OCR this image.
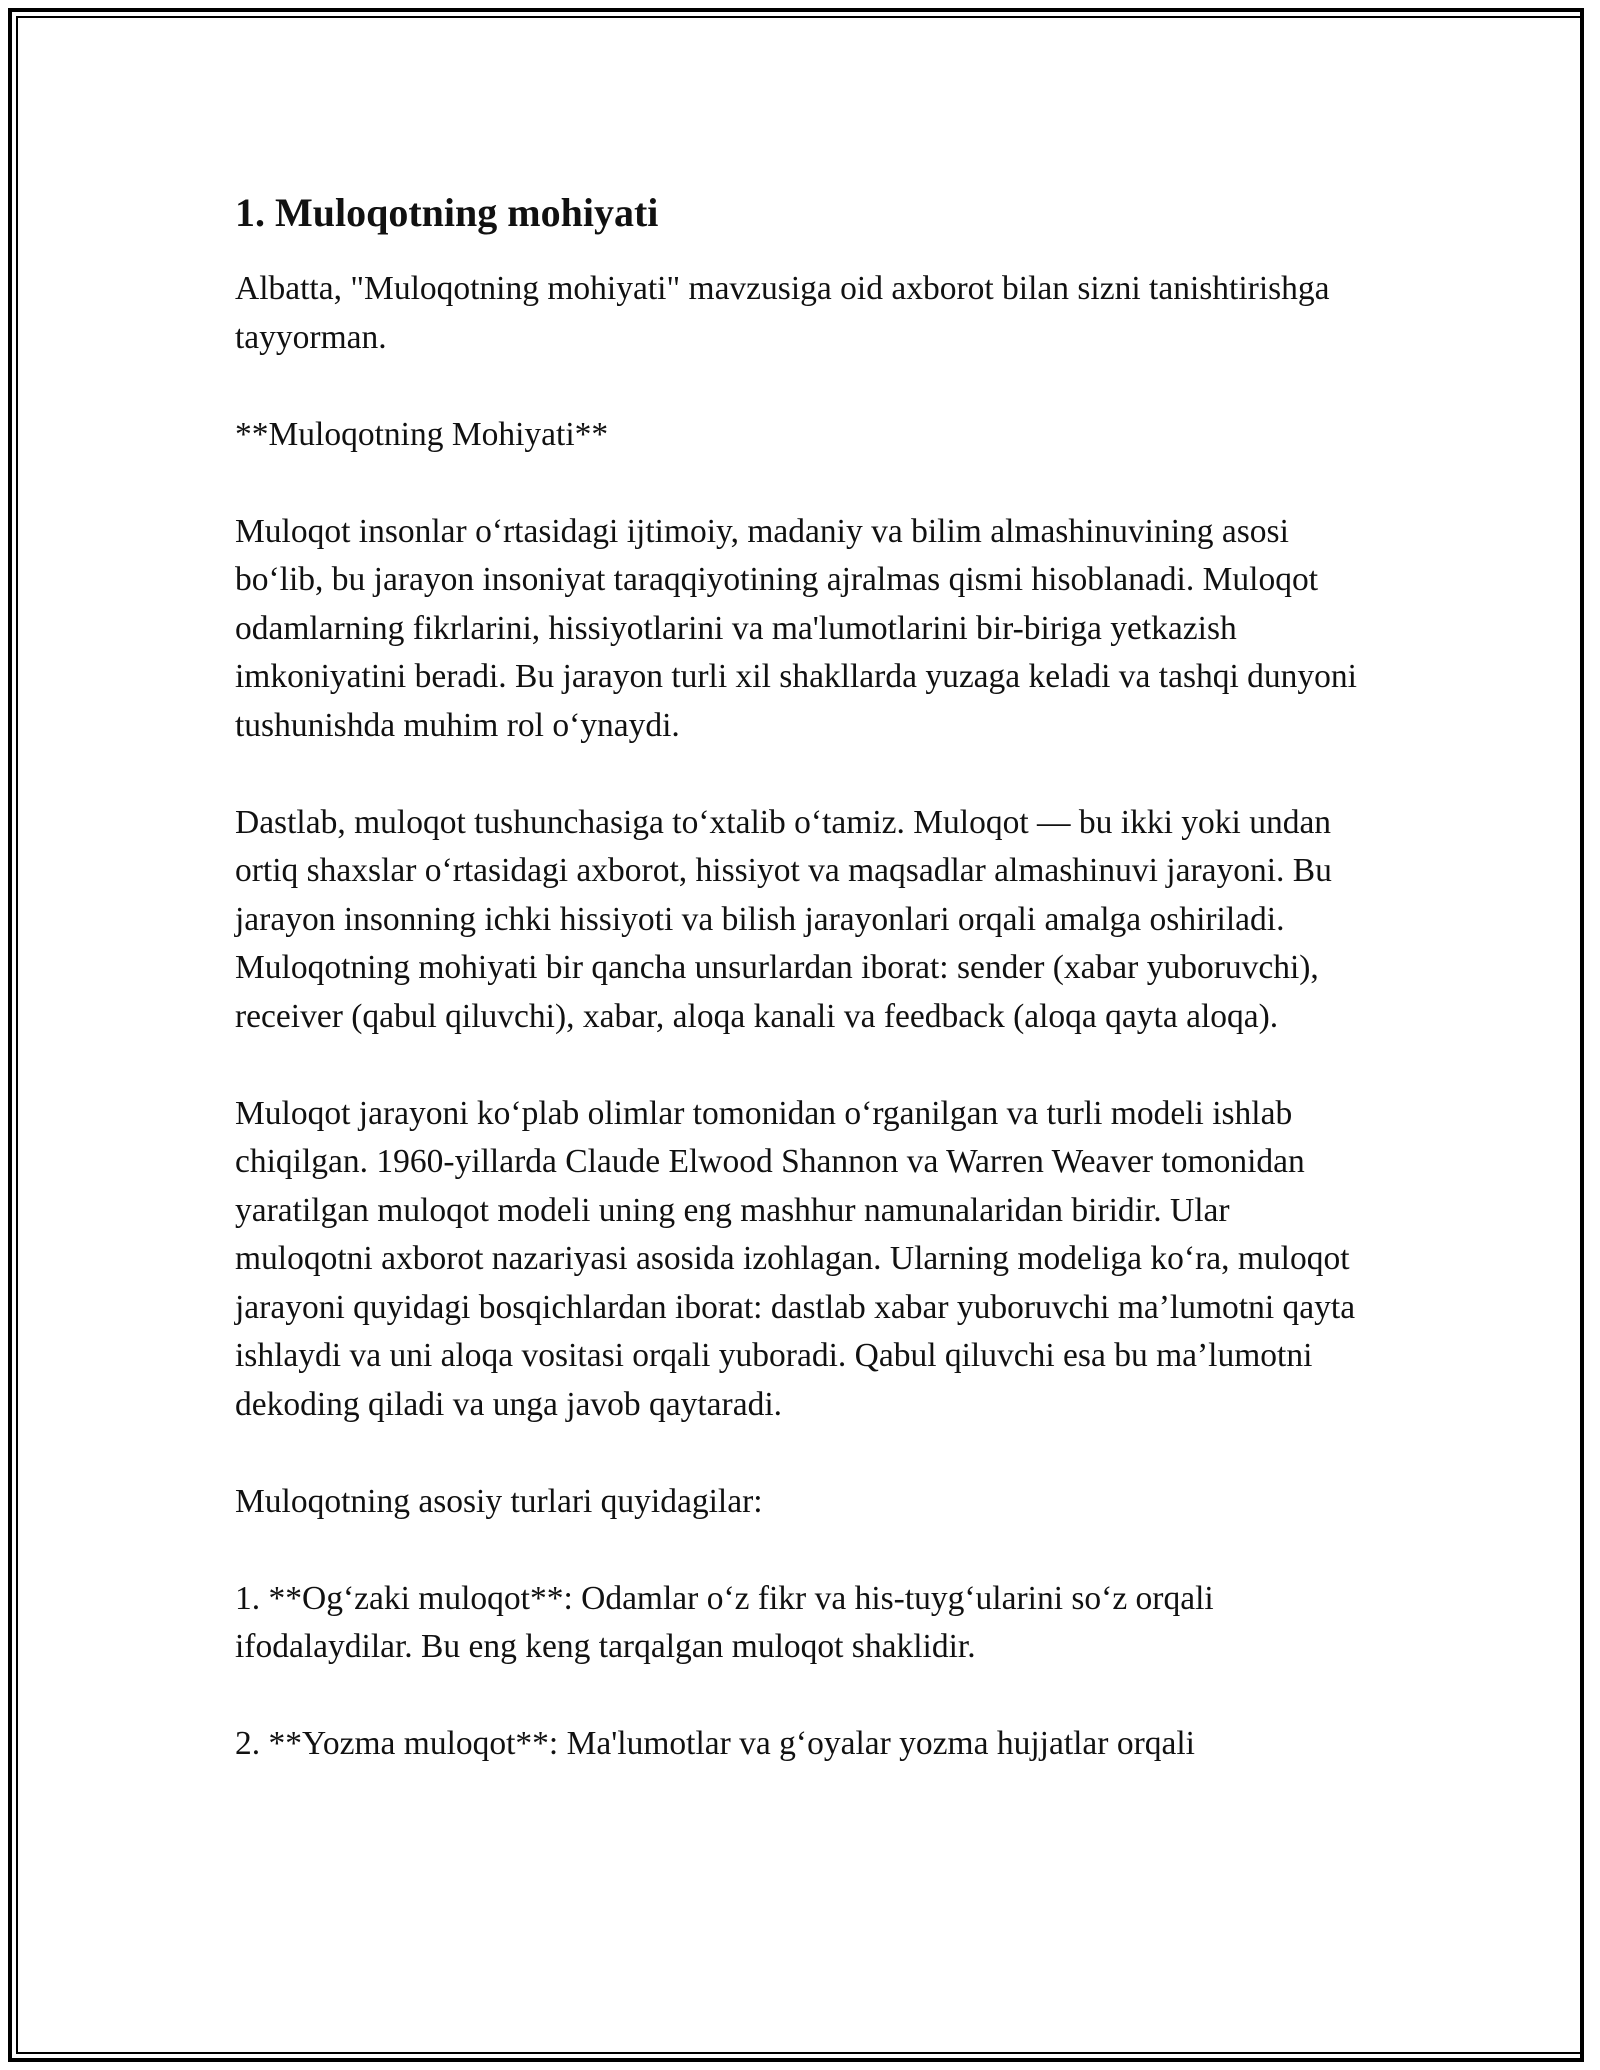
1. Muloqotning mohiyati

Albatta, "Muloqotning mohiyati" mavzusiga oid axborot bilan sizni tanishtirishga tayyorman.

**Muloqotning Mohiyati**

Muloqot insonlar o‘rtasidagi ijtimoiy, madaniy va bilim almashinuvining asosi bo‘lib, bu jarayon insoniyat taraqqiyotining ajralmas qismi hisoblanadi. Muloqot odamlarning fikrlarini, hissiyotlarini va ma'lumotlarini bir-biriga yetkazish imkoniyatini beradi. Bu jarayon turli xil shakllarda yuzaga keladi va tashqi dunyoni tushunishda muhim rol o‘ynaydi.

Dastlab, muloqot tushunchasiga to‘xtalib o‘tamiz. Muloqot — bu ikki yoki undan ortiq shaxslar o‘rtasidagi axborot, hissiyot va maqsadlar almashinuvi jarayoni. Bu jarayon insonning ichki hissiyoti va bilish jarayonlari orqali amalga oshiriladi. Muloqotning mohiyati bir qancha unsurlardan iborat: sender (xabar yuboruvchi), receiver (qabul qiluvchi), xabar, aloqa kanali va feedback (aloqa qayta aloqa).

Muloqot jarayoni ko‘plab olimlar tomonidan o‘rganilgan va turli modeli ishlab chiqilgan. 1960-yillarda Claude Elwood Shannon va Warren Weaver tomonidan yaratilgan muloqot modeli uning eng mashhur namunalaridan biridir. Ular muloqotni axborot nazariyasi asosida izohlagan. Ularning modeliga ko‘ra, muloqot jarayoni quyidagi bosqichlardan iborat: dastlab xabar yuboruvchi ma’lumotni qayta ishlaydi va uni aloqa vositasi orqali yuboradi. Qabul qiluvchi esa bu ma’lumotni dekoding qiladi va unga javob qaytaradi.

Muloqotning asosiy turlari quyidagilar:

1. **Og‘zaki muloqot**: Odamlar o‘z fikr va his-tuyg‘ularini so‘z orqali ifodalaydilar. Bu eng keng tarqalgan muloqot shaklidir.

2. **Yozma muloqot**: Ma'lumotlar va g‘oyalar yozma hujjatlar orqali
